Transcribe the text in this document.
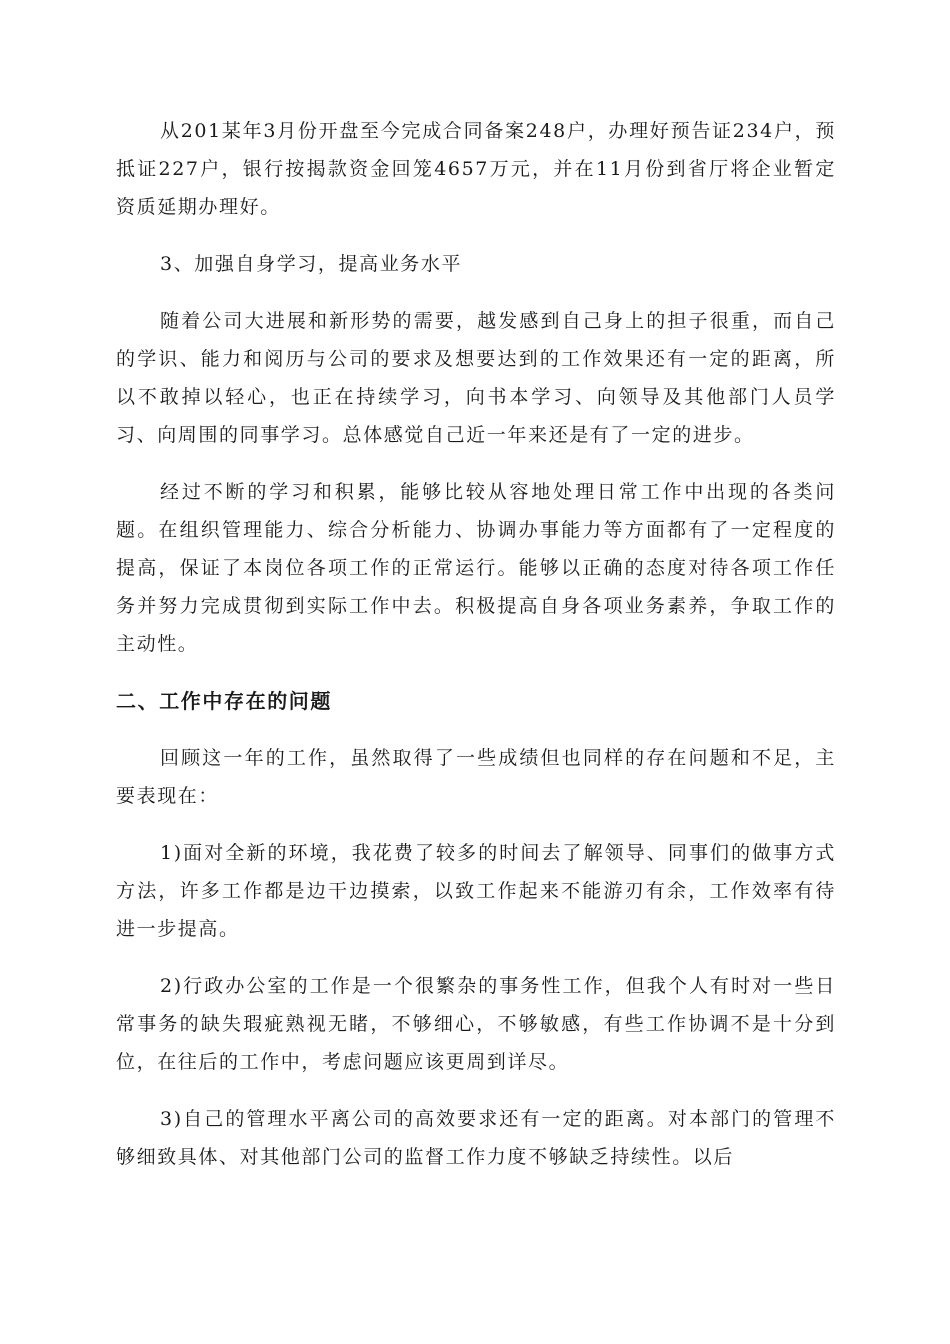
从201某年3月份开盘至今完成合同备案248户，办理好预告证234户，预抵证227户，银行按揭款资金回笼4657万元，并在11月份到省厅将企业暂定资质延期办理好。

3、加强自身学习，提高业务水平

随着公司大进展和新形势的需要，越发感到自己身上的担子很重，而自己的学识、能力和阅历与公司的要求及想要达到的工作效果还有一定的距离，所以不敢掉以轻心，也正在持续学习，向书本学习、向领导及其他部门人员学习、向周围的同事学习。总体感觉自己近一年来还是有了一定的进步。

经过不断的学习和积累，能够比较从容地处理日常工作中出现的各类问题。在组织管理能力、综合分析能力、协调办事能力等方面都有了一定程度的提高，保证了本岗位各项工作的正常运行。能够以正确的态度对待各项工作任务并努力完成贯彻到实际工作中去。积极提高自身各项业务素养，争取工作的主动性。

二、工作中存在的问题

回顾这一年的工作，虽然取得了一些成绩但也同样的存在问题和不足，主要表现在：

1)面对全新的环境，我花费了较多的时间去了解领导、同事们的做事方式方法，许多工作都是边干边摸索，以致工作起来不能游刃有余，工作效率有待进一步提高。

2)行政办公室的工作是一个很繁杂的事务性工作，但我个人有时对一些日常事务的缺失瑕疵熟视无睹，不够细心，不够敏感，有些工作协调不是十分到位，在往后的工作中，考虑问题应该更周到详尽。

3)自己的管理水平离公司的高效要求还有一定的距离。对本部门的管理不够细致具体、对其他部门公司的监督工作力度不够缺乏持续性。以后
